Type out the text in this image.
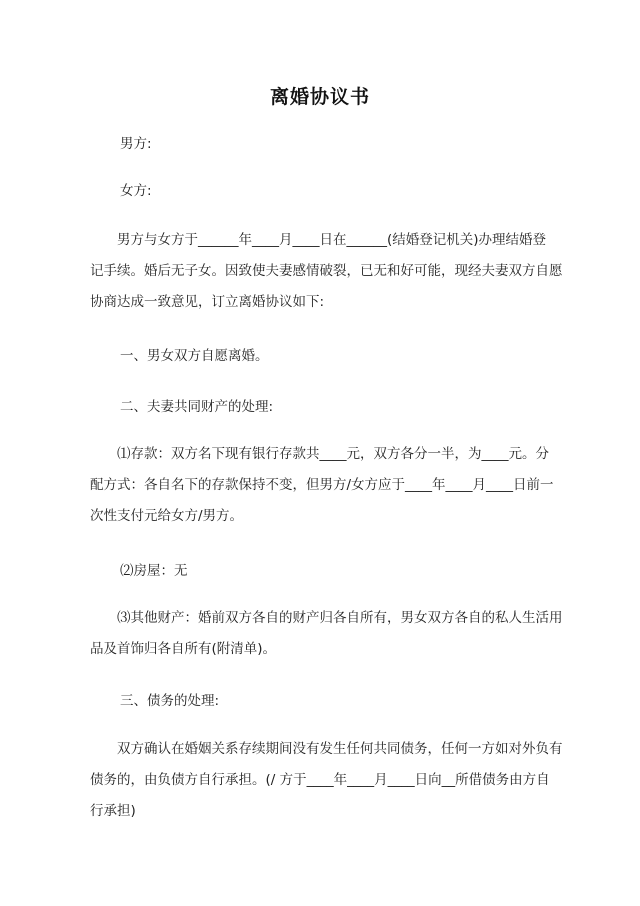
离婚协议书
男方:
女方:
　　男方与女方于______年____月____日在______(结婚登记机关)办理结婚登
记手续。婚后无子女。因致使夫妻感情破裂，已无和好可能，现经夫妻双方自愿
协商达成一致意见，订立离婚协议如下:
一、男女双方自愿离婚。
二、夫妻共同财产的处理:
　　⑴存款：双方名下现有银行存款共____元，双方各分一半，为____元。分
配方式：各自名下的存款保持不变，但男方/女方应于____年____月____日前一
次性支付元给女方/男方。
⑵房屋：无
　　⑶其他财产：婚前双方各自的财产归各自所有，男女双方各自的私人生活用
品及首饰归各自所有(附清单)。
三、债务的处理:
　　双方确认在婚姻关系存续期间没有发生任何共同债务，任何一方如对外负有
债务的，由负债方自行承担。(/ 方于____年____月____日向__所借债务由方自
行承担)
